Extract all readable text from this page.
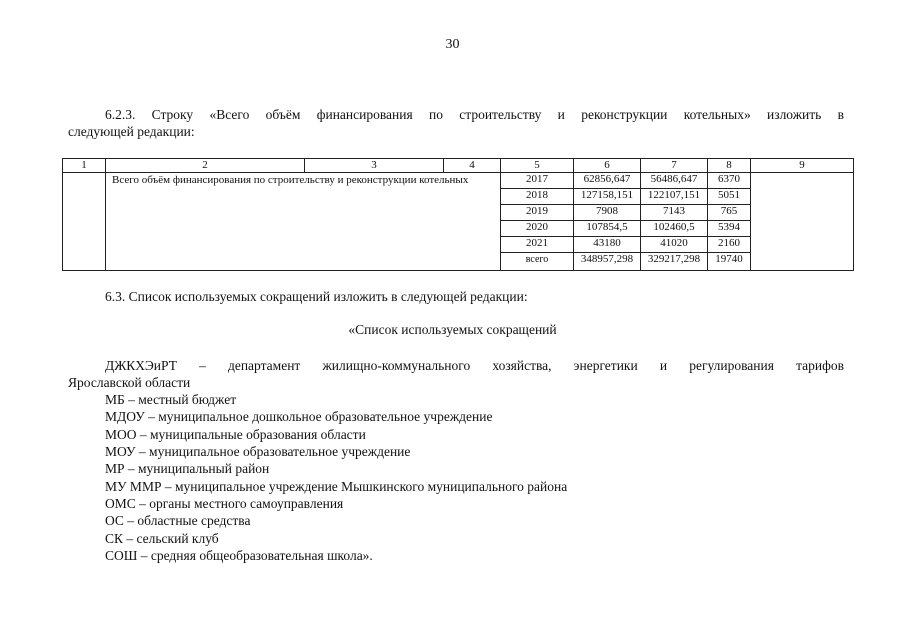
30
6.2.3. Строку «Всего объём финансирования по строительству и реконструкции котельных» изложить в
следующей редакции:
1	2	3	4	5	6	7	8	9
	Всего объём финансирования по строительству и реконструкции котельных			2017	62856,647	56486,647	6370	
				2018	127158,151	122107,151	5051	
				2019	7908	7143	765	
				2020	107854,5	102460,5	5394	
				2021	43180	41020	2160	
				всего	348957,298	329217,298	19740	
6.3. Список используемых сокращений изложить в следующей редакции:
«Список используемых сокращений
ДЖКХЭиРТ – департамент жилищно-коммунального хозяйства, энергетики и регулирования тарифов
Ярославской области
МБ – местный бюджет
МДОУ – муниципальное дошкольное образовательное учреждение
МОО – муниципальные образования области
МОУ – муниципальное образовательное учреждение
МР – муниципальный район
МУ ММР – муниципальное учреждение Мышкинского муниципального района
ОМС – органы местного самоуправления
ОС – областные средства
СК – сельский клуб
СОШ – средняя общеобразовательная школа».
